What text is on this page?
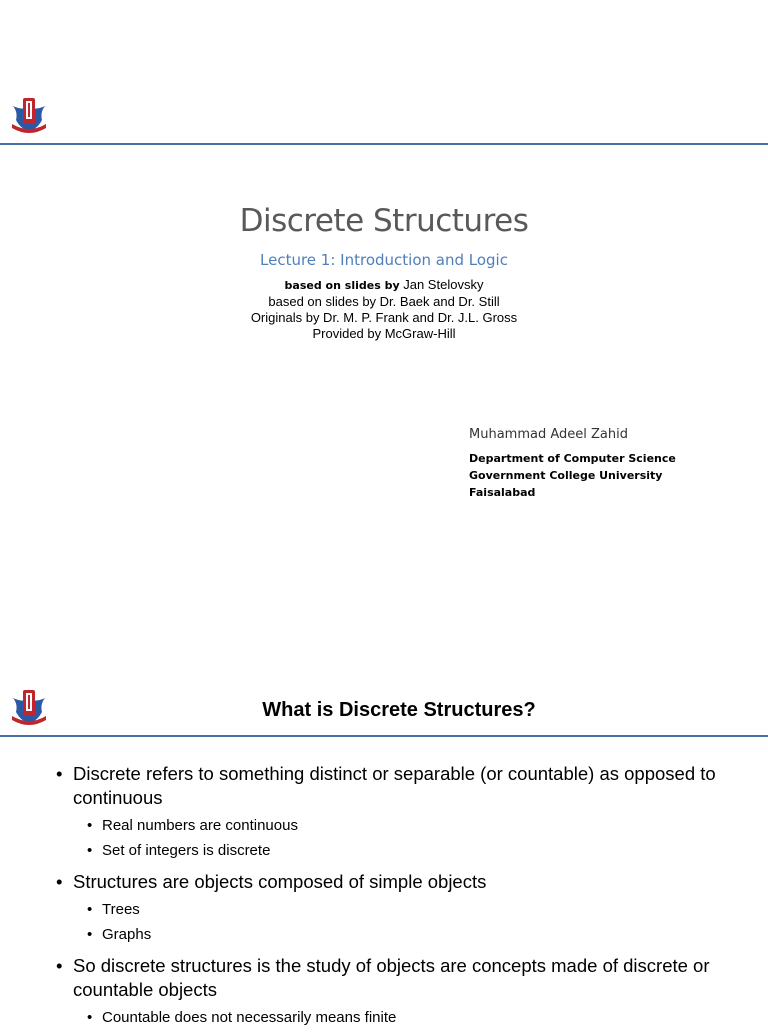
Discrete Structures
Lecture 1: Introduction and Logic
based on slides by Jan Stelovsky
based on slides by Dr. Baek and Dr. Still
Originals by Dr. M. P. Frank and Dr. J.L. Gross
Provided by McGraw-Hill
Muhammad Adeel Zahid
Department of Computer Science
Government College University
Faisalabad
What is Discrete Structures?
• Discrete refers to something distinct or separable (or countable) as opposed to continuous
• Real numbers are continuous
• Set of integers is discrete
• Structures are objects composed of simple objects
• Trees
• Graphs
• So discrete structures is the study of objects are concepts made of discrete or countable objects
• Countable does not necessarily means finite
